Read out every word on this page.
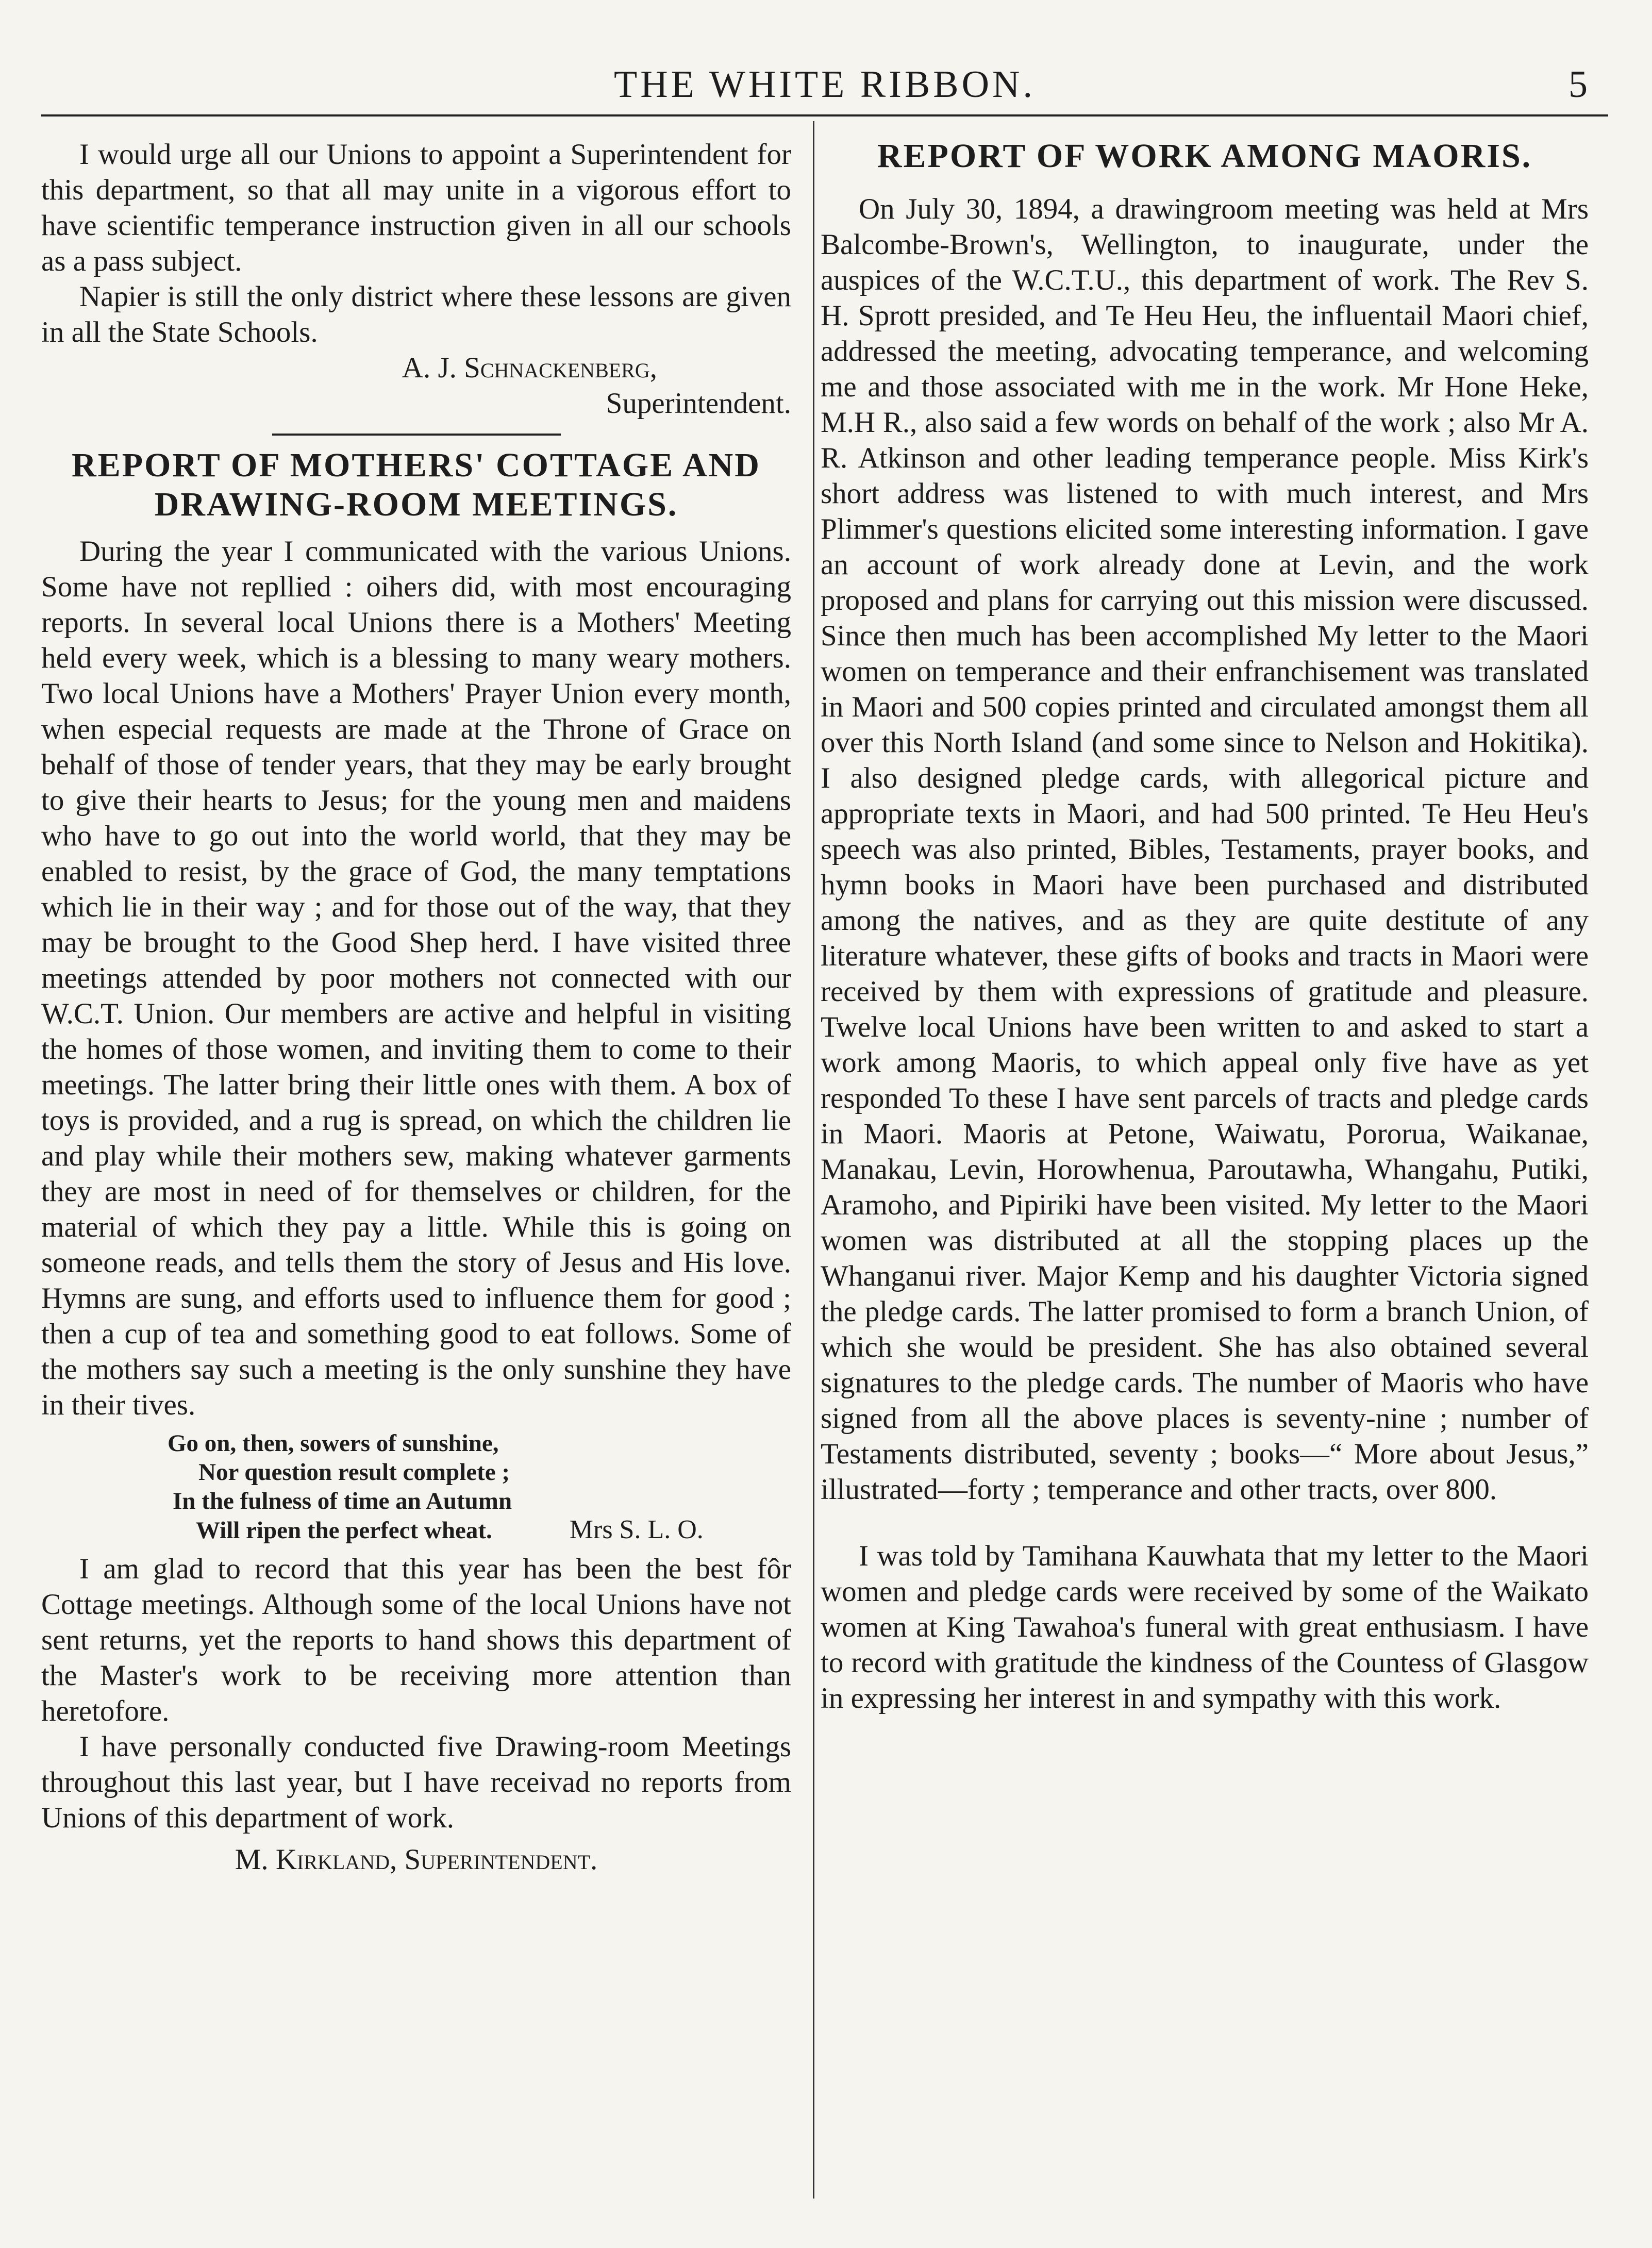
THE WHITE RIBBON.	5

I would urge all our Unions to appoint a Superintendent for this department, so that all may unite in a vigorous effort to have scientific temperance instruction given in all our schools as a pass subject.

Napier is still the only district where these lessons are given in all the State Schools.

A. J. Schnackenberg,
Superintendent.
REPORT OF MOTHERS' COTTAGE AND DRAWING-ROOM MEETINGS.

During the year I communicated with the various Unions. Some have not repllied : oihers did, with most encouraging reports. In several local Unions there is a Mothers' Meeting held every week, which is a blessing to many weary mothers. Two local Unions have a Mothers' Prayer Union every month, when especial requests are made at the Throne of Grace on behalf of those of tender years, that they may be early brought to give their hearts to Jesus; for the young men and maidens who have to go out into the world world, that they may be enabled to resist, by the grace of God, the many temptations which lie in their way ; and for those out of the way, that they may be brought to the Good Shep herd. I have visited three meetings attended by poor mothers not connected with our W.C.T. Union. Our members are active and helpful in visiting the homes of those women, and inviting them to come to their meetings. The latter bring their little ones with them. A box of toys is provided, and a rug is spread, on which the children lie and play while their mothers sew, making whatever garments they are most in need of for themselves or children, for the material of which they pay a little. While this is going on someone reads, and tells them the story of Jesus and His love. Hymns are sung, and efforts used to influence them for good ; then a cup of tea and something good to eat follows. Some of the mothers say such a meeting is the only sunshine they have in their tives.

Go on, then, sowers of sunshine,
Nor question result complete ;
In the fulness of time an Autumn
Will ripen the perfect wheat.	Mrs S. L. O.

I am glad to record that this year has been the best fôr Cottage meetings. Although some of the local Unions have not sent returns, yet the reports to hand shows this department of the Master's work to be receiving more attention than heretofore.

I have personally conducted five Drawing-room Meetings throughout this last year, but I have receivad no reports from Unions of this department of work.

M. Kirkland, Superintendent.
REPORT OF WORK AMONG MAORIS.

On July 30, 1894, a drawingroom meeting was held at Mrs Balcombe-Brown's, Wellington, to inaugurate, under the auspices of the W.C.T.U., this department of work. The Rev S. H. Sprott presided, and Te Heu Heu, the influentail Maori chief, addressed the meeting, advocating temperance, and welcoming me and those associated with me in the work. Mr Hone Heke, M.H R., also said a few words on behalf of the work ; also Mr A. R. Atkinson and other leading temperance people. Miss Kirk's short address was listened to with much interest, and Mrs Plimmer's questions elicited some interesting information. I gave an account of work already done at Levin, and the work proposed and plans for carrying out this mission were discussed. Since then much has been accomplished My letter to the Maori women on temperance and their enfranchisement was translated in Maori and 500 copies printed and circulated amongst them all over this North Island (and some since to Nelson and Hokitika). I also designed pledge cards, with allegorical picture and appropriate texts in Maori, and had 500 printed. Te Heu Heu's speech was also printed, Bibles, Testaments, prayer books, and hymn books in Maori have been purchased and distributed among the natives, and as they are quite destitute of any literature whatever, these gifts of books and tracts in Maori were received by them with expressions of gratitude and pleasure. Twelve local Unions have been written to and asked to start a work among Maoris, to which appeal only five have as yet responded To these I have sent parcels of tracts and pledge cards in Maori. Maoris at Petone, Waiwatu, Pororua, Waikanae, Manakau, Levin, Horowhenua, Paroutawha, Whangahu, Putiki, Aramoho, and Pipiriki have been visited. My letter to the Maori women was distributed at all the stopping places up the Whanganui river. Major Kemp and his daughter Victoria signed the pledge cards. The latter promised to form a branch Union, of which she would be president. She has also obtained several signatures to the pledge cards. The number of Maoris who have signed from all the above places is seventy-nine ; number of Testaments distributed, seventy ; books—“ More about Jesus,” illustrated—forty ; temperance and other tracts, over 800.

I was told by Tamihana Kauwhata that my letter to the Maori women and pledge cards were received by some of the Waikato women at King Tawahoa's funeral with great enthusiasm. I have to record with gratitude the kindness of the Countess of Glasgow in expressing her interest in and sympathy with this work.
